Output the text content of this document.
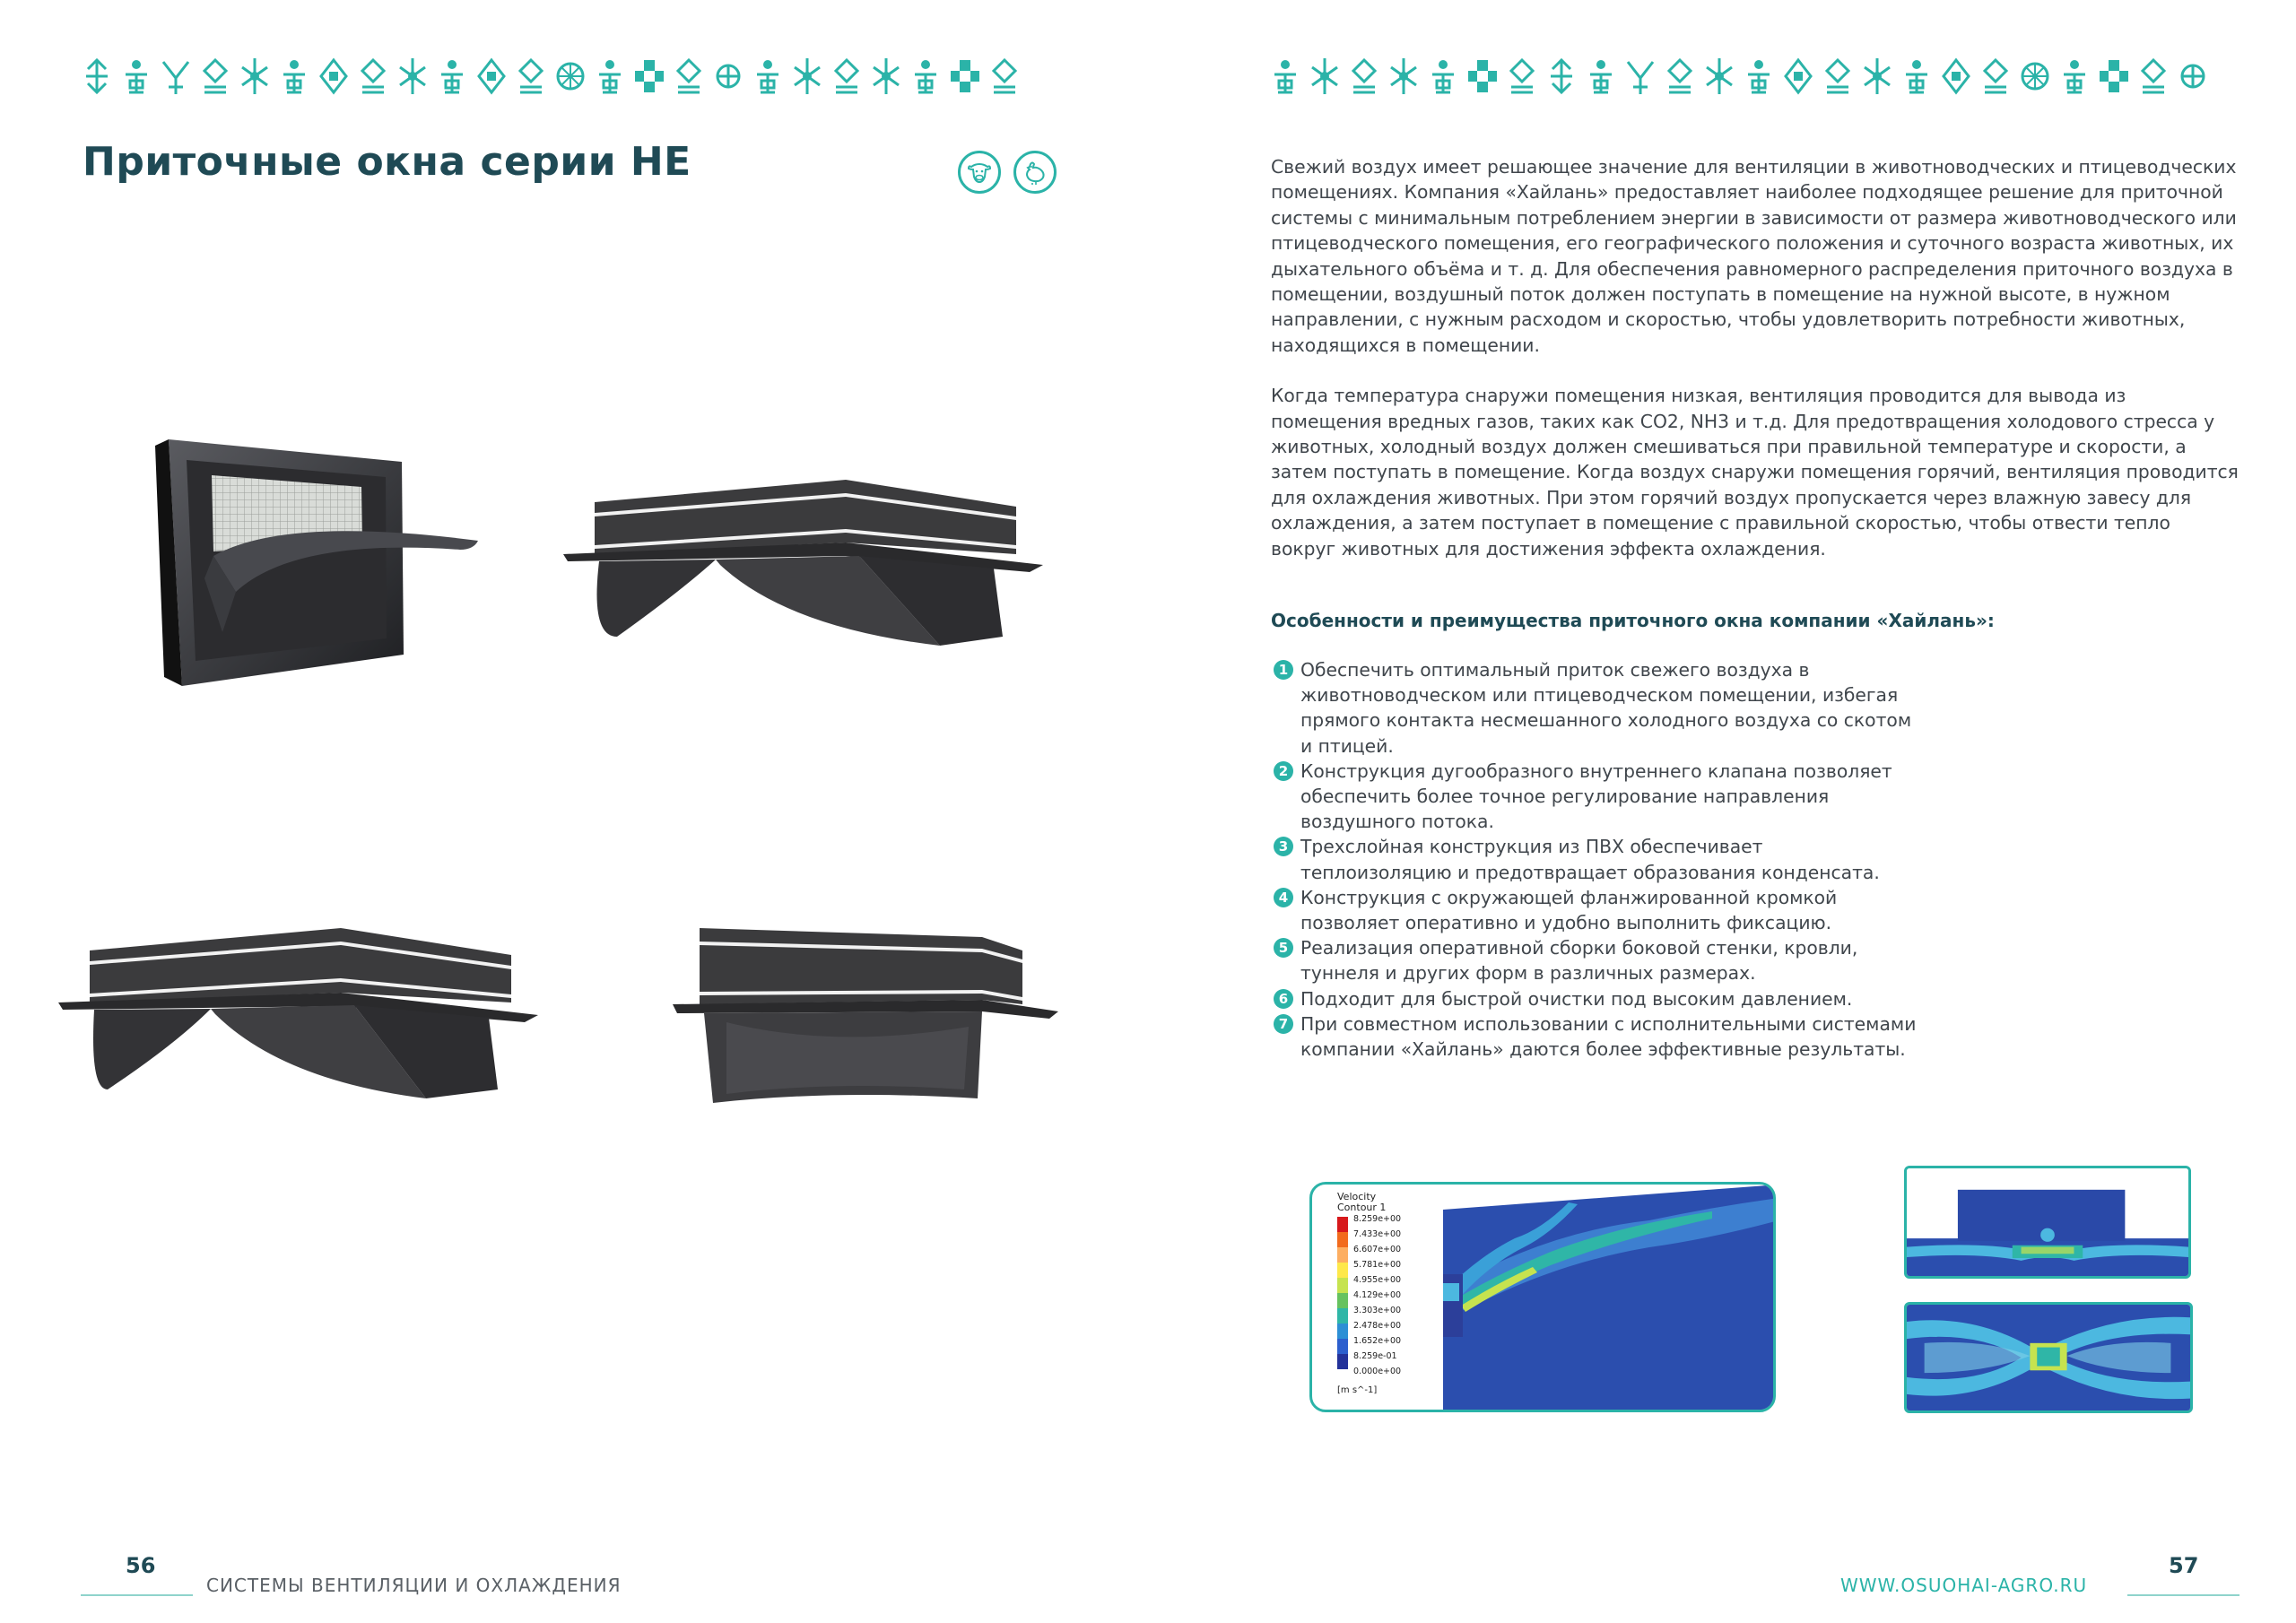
Приточные окна серии HE	Свежий воздух имеет решающее значение для вентиляции в животноводческих и птицеводческих помещениях. Компания «Хайлань» предоставляет наиболее подходящее решение для приточной системы с минимальным потреблением энергии в зависимости от размера животноводческого или птицеводческого помещения, его географического положения и суточного возраста животных, их дыхательного объёма и т. д. Для обеспечения равномерного распределения приточного воздуха в помещении, воздушный поток должен поступать в помещение на нужной высоте, в нужном направлении, с нужным расходом и скоростью, чтобы удовлетворить потребности животных, находящихся в помещении.

Когда температура снаружи помещения низкая, вентиляция проводится для вывода из помещения вредных газов, таких как CO2, NH3 и т.д. Для предотвращения холодового стресса у животных, холодный воздух должен смешиваться при правильной температуре и скорости, а затем поступать в помещение. Когда воздух снаружи помещения горячий, вентиляция проводится для охлаждения животных. При этом горячий воздух пропускается через влажную завесу для охлаждения, а затем поступает в помещение с правильной скоростью, чтобы отвести тепло вокруг животных для достижения эффекта охлаждения.

Особенности и преимущества приточного окна компании «Хайлань»:
1 Обеспечить оптимальный приток свежего воздуха в животноводческом или птицеводческом помещении, избегая прямого контакта несмешанного холодного воздуха со скотом и птицей.
2 Конструкция дугообразного внутреннего клапана позволяет обеспечить более точное регулирование направления воздушного потока.
3 Трехслойная конструкция из ПВХ обеспечивает теплоизоляцию и предотвращает образования конденсата.
4 Конструкция с окружающей фланжированной кромкой позволяет оперативно и удобно выполнить фиксацию.
5 Реализация оперативной сборки боковой стенки, кровли, туннеля и других форм в различных размерах.
6 Подходит для быстрой очистки под высоким давлением.
7 При совместном использовании с исполнительными системами компании «Хайлань» даются более эффективные результаты.
Velocity
Contour 1
8.259e+00
7.433e+00
6.607e+00
5.781e+00
4.955e+00
4.129e+00
3.303e+00
2.478e+00
1.652e+00
8.259e-01
0.000e+00
[m s^-1]
56
СИСТЕМЫ ВЕНТИЛЯЦИИ И ОХЛАЖДЕНИЯ	WWW.OSUOHAI-AGRO.RU
57
